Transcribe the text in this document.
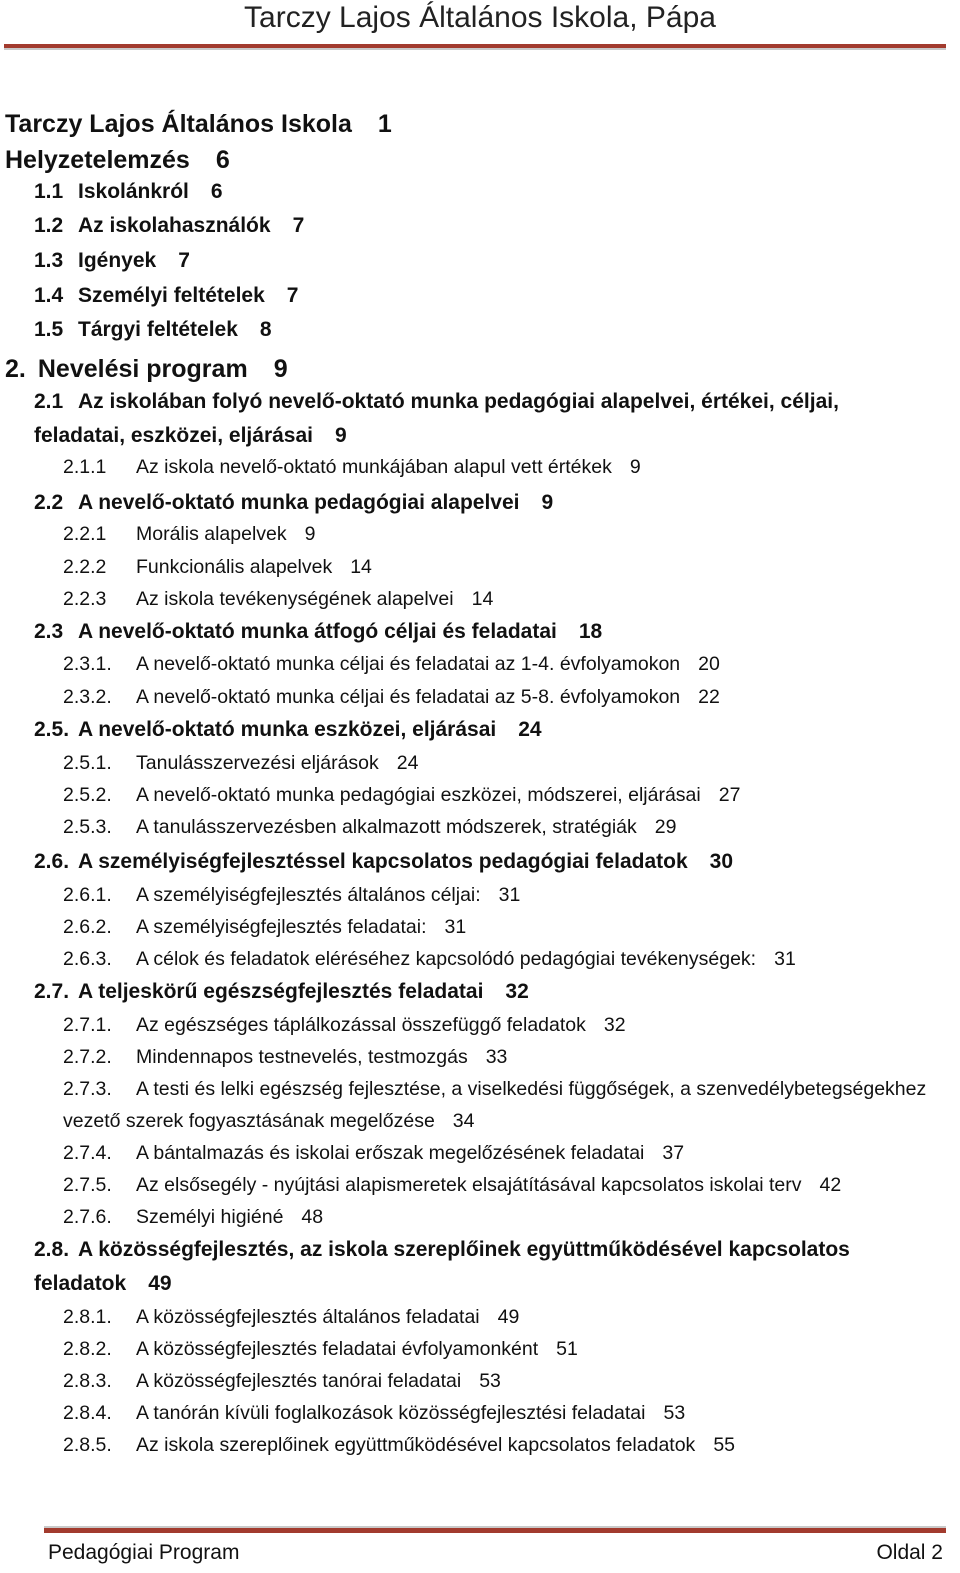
Tarczy Lajos Általános Iskola, Pápa
Tarczy Lajos Általános Iskola 1
Helyzetelemzés 6
1.1 Iskolánkról 6
1.2 Az iskolahasználók 7
1.3 Igények 7
1.4 Személyi feltételek 7
1.5 Tárgyi feltételek 8
2. Nevelési program 9
2.1 Az iskolában folyó nevelő-oktató munka pedagógiai alapelvei, értékei, céljai,
feladatai, eszközei, eljárásai 9
2.1.1 Az iskola nevelő-oktató munkájában alapul vett értékek 9
2.2 A nevelő-oktató munka pedagógiai alapelvei 9
2.2.1 Morális alapelvek 9
2.2.2 Funkcionális alapelvek 14
2.2.3 Az iskola tevékenységének alapelvei 14
2.3 A nevelő-oktató munka átfogó céljai és feladatai 18
2.3.1. A nevelő-oktató munka céljai és feladatai az 1-4. évfolyamokon 20
2.3.2. A nevelő-oktató munka céljai és feladatai az 5-8. évfolyamokon 22
2.5. A nevelő-oktató munka eszközei, eljárásai 24
2.5.1. Tanulásszervezési eljárások 24
2.5.2. A nevelő-oktató munka pedagógiai eszközei, módszerei, eljárásai 27
2.5.3. A tanulásszervezésben alkalmazott módszerek, stratégiák 29
2.6. A személyiségfejlesztéssel kapcsolatos pedagógiai feladatok 30
2.6.1. A személyiségfejlesztés általános céljai: 31
2.6.2. A személyiségfejlesztés feladatai: 31
2.6.3. A célok és feladatok eléréséhez kapcsolódó pedagógiai tevékenységek: 31
2.7. A teljeskörű egészségfejlesztés feladatai 32
2.7.1. Az egészséges táplálkozással összefüggő feladatok 32
2.7.2. Mindennapos testnevelés, testmozgás 33
2.7.3. A testi és lelki egészség fejlesztése, a viselkedési függőségek, a szenvedélybetegségekhez
vezető szerek fogyasztásának megelőzése 34
2.7.4. A bántalmazás és iskolai erőszak megelőzésének feladatai 37
2.7.5. Az elsősegély - nyújtási alapismeretek elsajátításával kapcsolatos iskolai terv 42
2.7.6. Személyi higiéné 48
2.8. A közösségfejlesztés, az iskola szereplőinek együttműködésével kapcsolatos
feladatok 49
2.8.1. A közösségfejlesztés általános feladatai 49
2.8.2. A közösségfejlesztés feladatai évfolyamonként 51
2.8.3. A közösségfejlesztés tanórai feladatai 53
2.8.4. A tanórán kívüli foglalkozások közösségfejlesztési feladatai 53
2.8.5. Az iskola szereplőinek együttműködésével kapcsolatos feladatok 55
Pedagógiai Program	Oldal 2
